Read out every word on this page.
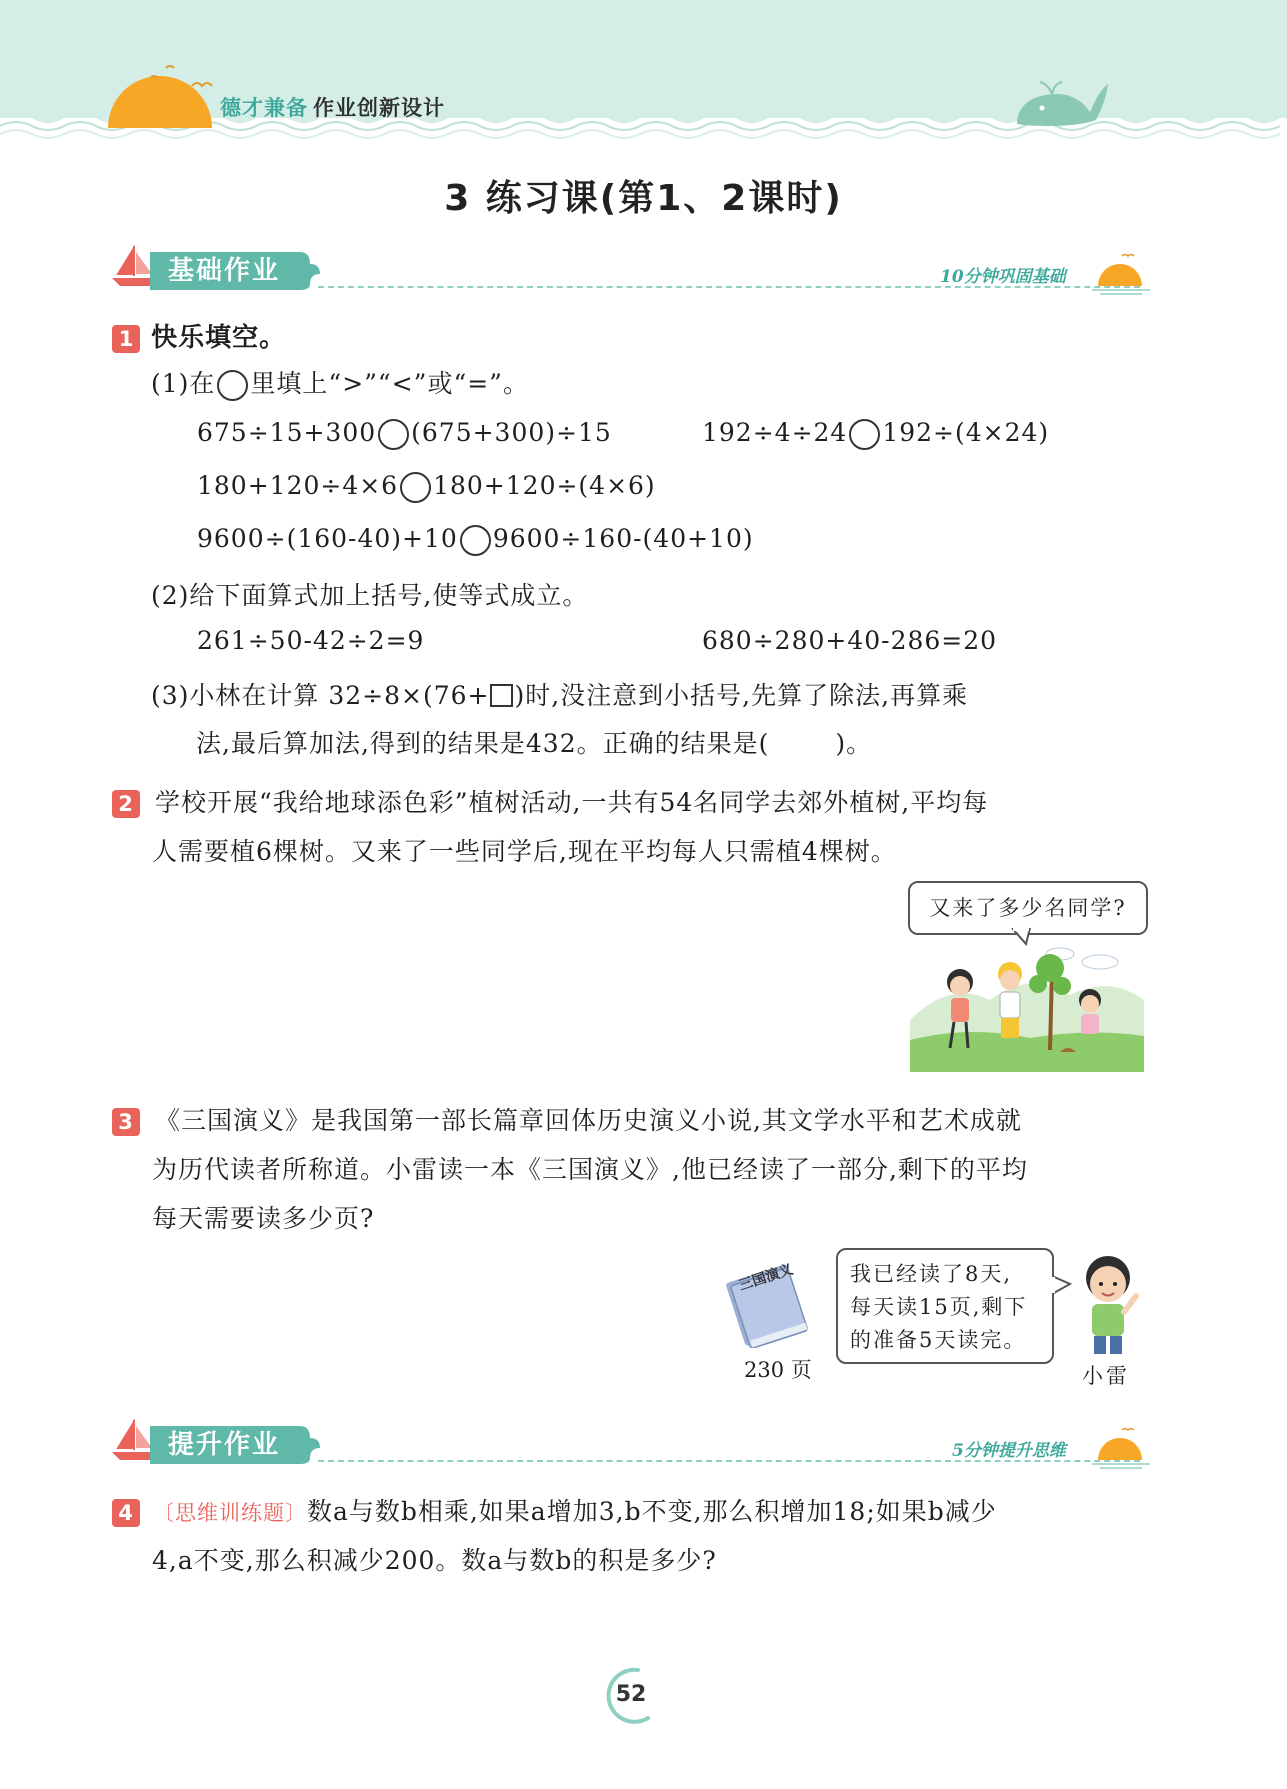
德才兼备 作业创新设计
3 练习课(第1、2课时)
基础作业	10分钟巩固基础
1 快乐填空。
(1)在 里填上“>”“<”或“=”。
675÷15+300 (675+300)÷15	192÷4÷24 192÷(4×24)
180+120÷4×6 180+120÷(4×6)
9600÷(160-40)+10 9600÷160-(40+10)
(2)给下面算式加上括号,使等式成立。
261÷50-42÷2=9	680÷280+40-286=20
(3)小林在计算 32÷8×(76+ )时,没注意到小括号,先算了除法,再算乘
法,最后算加法,得到的结果是432。正确的结果是(	)。
2 学校开展“我给地球添色彩”植树活动,一共有54名同学去郊外植树,平均每
人需要植6棵树。又来了一些同学后,现在平均每人只需植4棵树。
又来了多少名同学?
3 《三国演义》是我国第一部长篇章回体历史演义小说,其文学水平和艺术成就
为历代读者所称道。小雷读一本《三国演义》,他已经读了一部分,剩下的平均
每天需要读多少页?
三国演义
230 页
我已经读了8天,
每天读15页,剩下
的准备5天读完。
小雷
提升作业	5分钟提升思维
4 〔思维训练题〕数a与数b相乘,如果a增加3,b不变,那么积增加18;如果b减少
4,a不变,那么积减少200。数a与数b的积是多少?
52
